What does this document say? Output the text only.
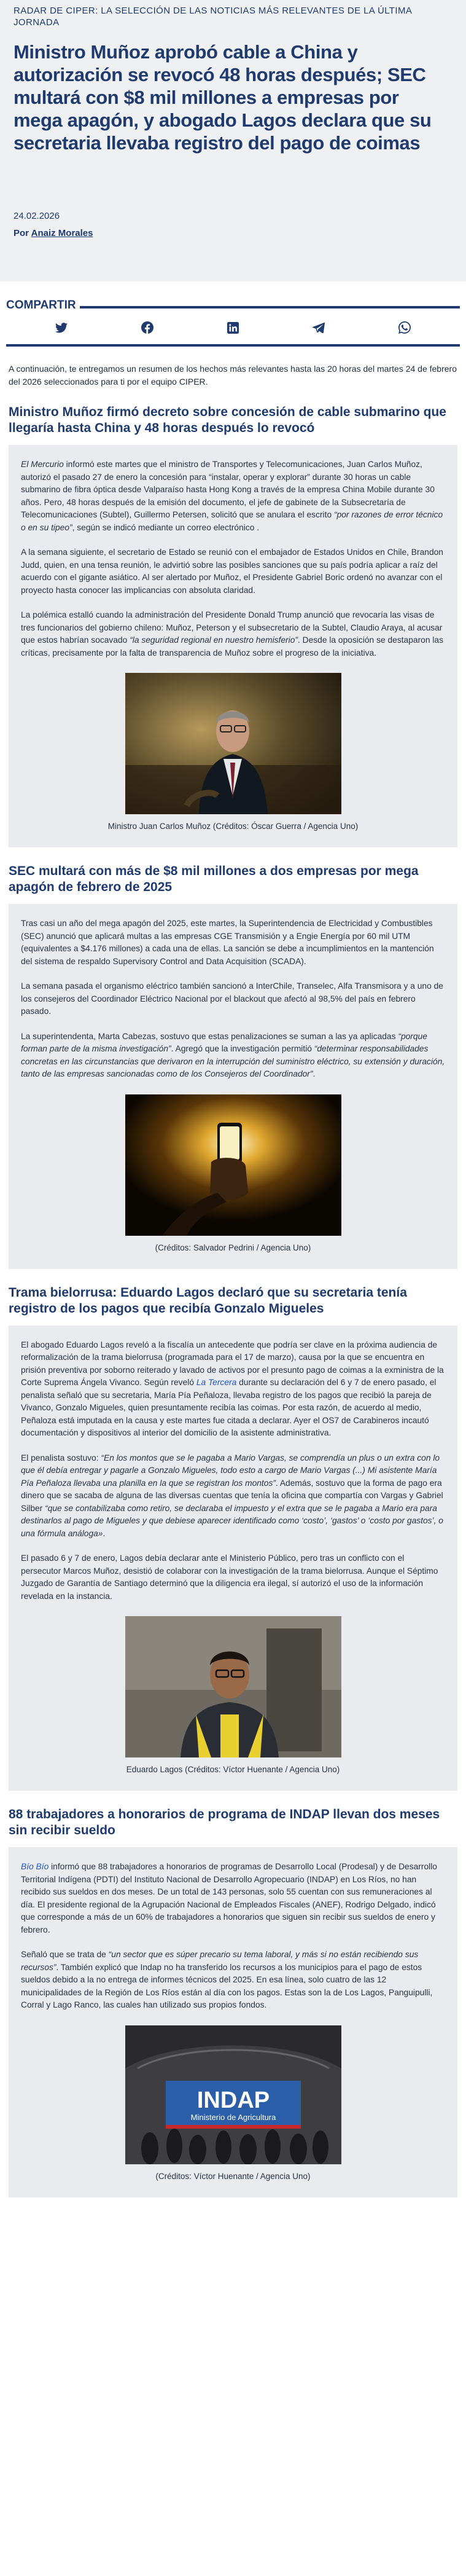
RADAR DE CIPER: LA SELECCIÓN DE LAS NOTICIAS MÁS RELEVANTES DE LA ÚLTIMA JORNADA
Ministro Muñoz aprobó cable a China y autorización se revocó 48 horas después; SEC multará con $8 mil millones a empresas por mega apagón, y abogado Lagos declara que su secretaria llevaba registro del pago de coimas
24.02.2026
Por Anaiz Morales
COMPARTIR

A continuación, te entregamos un resumen de los hechos más relevantes hasta las 20 horas del martes 24 de febrero del 2026 seleccionados para ti por el equipo CIPER.

Ministro Muñoz firmó decreto sobre concesión de cable submarino que llegaría hasta China y 48 horas después lo revocó

El Mercurio informó este martes que el ministro de Transportes y Telecomunicaciones, Juan Carlos Muñoz, autorizó el pasado 27 de enero la concesión para “instalar, operar y explorar” durante 30 horas un cable submarino de fibra óptica desde Valparaíso hasta Hong Kong a través de la empresa China Mobile durante 30 años. Pero, 48 horas después de la emisión del documento, el jefe de gabinete de la Subsecretaría de Telecomunicaciones (Subtel), Guillermo Petersen, solicitó que se anulara el escrito “por razones de error técnico o en su tipeo”, según se indicó mediante un correo electrónico .

A la semana siguiente, el secretario de Estado se reunió con el embajador de Estados Unidos en Chile, Brandon Judd, quien, en una tensa reunión, le advirtió sobre las posibles sanciones que su país podría aplicar a raíz del acuerdo con el gigante asiático. Al ser alertado por Muñoz, el Presidente Gabriel Boric ordenó no avanzar con el proyecto hasta conocer las implicancias con absoluta claridad.

La polémica estalló cuando la administración del Presidente Donald Trump anunció que revocaría las visas de tres funcionarios del gobierno chileno: Muñoz, Peterson y el subsecretario de la Subtel, Claudio Araya, al acusar que estos habrían socavado “la seguridad regional en nuestro hemisferio”. Desde la oposición se destaparon las críticas, precisamente por la falta de transparencia de Muñoz sobre el progreso de la iniciativa.

Ministro Juan Carlos Muñoz (Créditos: Óscar Guerra / Agencia Uno)
SEC multará con más de $8 mil millones a dos empresas por mega apagón de febrero de 2025

Tras casi un año del mega apagón del 2025, este martes, la Superintendencia de Electricidad y Combustibles (SEC) anunció que aplicará multas a las empresas CGE Transmisión y a Engie Energía por 60 mil UTM (equivalentes a $4.176 millones) a cada una de ellas. La sanción se debe a incumplimientos en la mantención del sistema de respaldo Supervisory Control and Data Acquisition (SCADA).

La semana pasada el organismo eléctrico también sancionó a InterChile, Transelec, Alfa Transmisora y a uno de los consejeros del Coordinador Eléctrico Nacional por el blackout que afectó al 98,5% del país en febrero pasado.

La superintendenta, Marta Cabezas, sostuvo que estas penalizaciones se suman a las ya aplicadas “porque forman parte de la misma investigación”. Agregó que la investigación permitió “determinar responsabilidades concretas en las circunstancias que derivaron en la interrupción del suministro eléctrico, su extensión y duración, tanto de las empresas sancionadas como de los Consejeros del Coordinador”.

(Créditos: Salvador Pedrini / Agencia Uno)
Trama bielorrusa: Eduardo Lagos declaró que su secretaria tenía registro de los pagos que recibía Gonzalo Migueles

El abogado Eduardo Lagos reveló a la fiscalía un antecedente que podría ser clave en la próxima audiencia de reformalización de la trama bielorrusa (programada para el 17 de marzo), causa por la que se encuentra en prisión preventiva por soborno reiterado y lavado de activos por el presunto pago de coimas a la exministra de la Corte Suprema Ángela Vivanco. Según reveló La Tercera durante su declaración del 6 y 7 de enero pasado, el penalista señaló que su secretaria, María Pía Peñaloza, llevaba registro de los pagos que recibió la pareja de Vivanco, Gonzalo Migueles, quien presuntamente recibía las coimas. Por esta razón, de acuerdo al medio, Peñaloza está imputada en la causa y este martes fue citada a declarar. Ayer el OS7 de Carabineros incautó documentación y dispositivos al interior del domicilio de la asistente administrativa.

El penalista sostuvo: “En los montos que se le pagaba a Mario Vargas, se comprendía un plus o un extra con lo que él debía entregar y pagarle a Gonzalo Migueles, todo esto a cargo de Mario Vargas (...) Mi asistente María Pía Peñaloza llevaba una planilla en la que se registran los montos”. Además, sostuvo que la forma de pago era dinero que se sacaba de alguna de las diversas cuentas que tenía la oficina que compartía con Vargas y Gabriel Silber “que se contabilizaba como retiro, se declaraba el impuesto y el extra que se le pagaba a Mario era para destinarlos al pago de Migueles y que debiese aparecer identificado como ‘costo’, ‘gastos’ o ‘costo por gastos’, o una fórmula análoga».

El pasado 6 y 7 de enero, Lagos debía declarar ante el Ministerio Público, pero tras un conflicto con el persecutor Marcos Muñoz, desistió de colaborar con la investigación de la trama bielorrusa. Aunque el Séptimo Juzgado de Garantía de Santiago determinó que la diligencia era ilegal, sí autorizó el uso de la información revelada en la instancia.

Eduardo Lagos (Créditos: Víctor Huenante / Agencia Uno)
88 trabajadores a honorarios de programa de INDAP llevan dos meses sin recibir sueldo

Bío Bío informó que 88 trabajadores a honorarios de programas de Desarrollo Local (Prodesal) y de Desarrollo Territorial Indígena (PDTI) del Instituto Nacional de Desarrollo Agropecuario (INDAP) en Los Ríos, no han recibido sus sueldos en dos meses. De un total de 143 personas, solo 55 cuentan con sus remuneraciones al día. El presidente regional de la Agrupación Nacional de Empleados Fiscales (ANEF), Rodrigo Delgado, indicó que corresponde a más de un 60% de trabajadores a honorarios que siguen sin recibir sus sueldos de enero y febrero.

Señaló que se trata de “un sector que es súper precario su tema laboral, y más si no están recibiendo sus recursos”. También explicó que Indap no ha transferido los recursos a los municipios para el pago de estos sueldos debido a la no entrega de informes técnicos del 2025. En esa línea, solo cuatro de las 12 municipalidades de la Región de Los Ríos están al día con los pagos. Estas son la de Los Lagos, Panguipulli, Corral y Lago Ranco, las cuales han utilizado sus propios fondos.

INDAP
Ministerio de Agricultura
(Créditos: Víctor Huenante / Agencia Uno)
